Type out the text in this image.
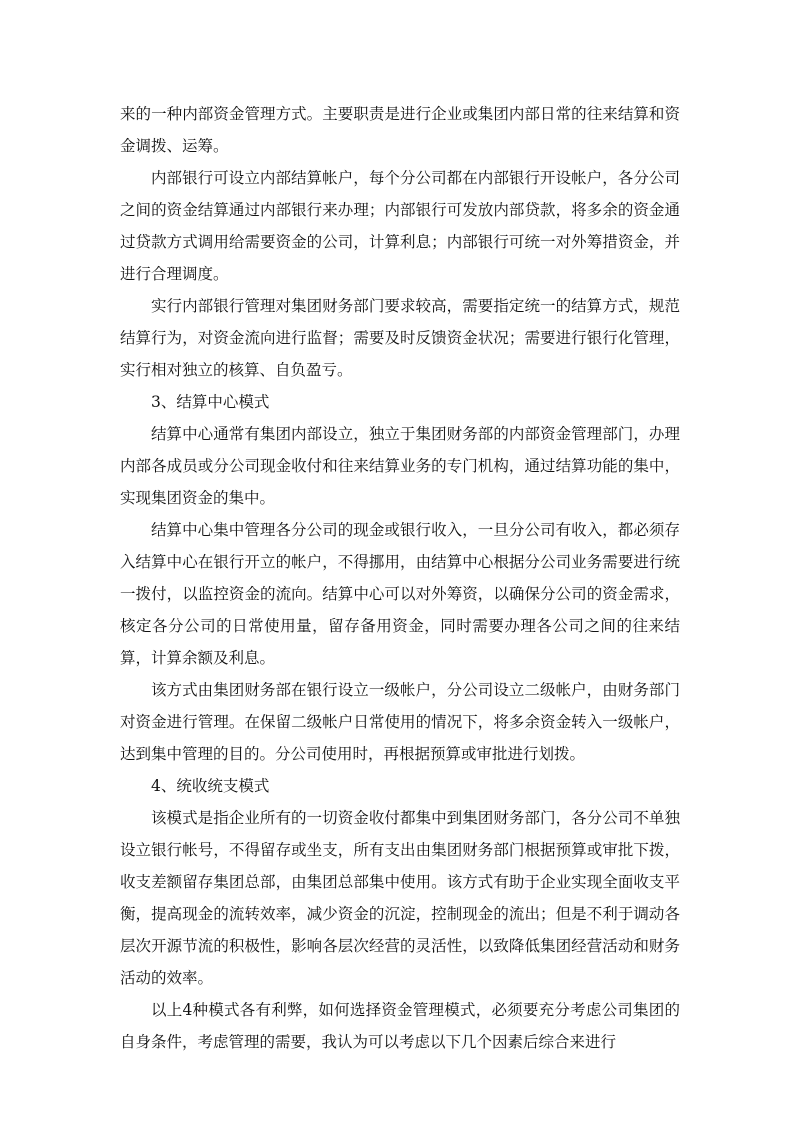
来的一种内部资金管理方式。主要职责是进行企业或集团内部日常的往来结算和资金调拨、运筹。

内部银行可设立内部结算帐户，每个分公司都在内部银行开设帐户，各分公司之间的资金结算通过内部银行来办理；内部银行可发放内部贷款，将多余的资金通过贷款方式调用给需要资金的公司，计算利息；内部银行可统一对外筹措资金，并进行合理调度。

实行内部银行管理对集团财务部门要求较高，需要指定统一的结算方式，规范结算行为，对资金流向进行监督；需要及时反馈资金状况；需要进行银行化管理，实行相对独立的核算、自负盈亏。

3、结算中心模式

结算中心通常有集团内部设立，独立于集团财务部的内部资金管理部门，办理内部各成员或分公司现金收付和往来结算业务的专门机构，通过结算功能的集中，实现集团资金的集中。

结算中心集中管理各分公司的现金或银行收入，一旦分公司有收入，都必须存入结算中心在银行开立的帐户，不得挪用，由结算中心根据分公司业务需要进行统一拨付，以监控资金的流向。结算中心可以对外筹资，以确保分公司的资金需求，核定各分公司的日常使用量，留存备用资金，同时需要办理各公司之间的往来结算，计算余额及利息。

该方式由集团财务部在银行设立一级帐户，分公司设立二级帐户，由财务部门对资金进行管理。在保留二级帐户日常使用的情况下，将多余资金转入一级帐户，达到集中管理的目的。分公司使用时，再根据预算或审批进行划拨。

4、统收统支模式

该模式是指企业所有的一切资金收付都集中到集团财务部门，各分公司不单独设立银行帐号，不得留存或坐支，所有支出由集团财务部门根据预算或审批下拨，收支差额留存集团总部，由集团总部集中使用。该方式有助于企业实现全面收支平衡，提高现金的流转效率，减少资金的沉淀，控制现金的流出；但是不利于调动各层次开源节流的积极性，影响各层次经营的灵活性，以致降低集团经营活动和财务活动的效率。

以上4种模式各有利弊，如何选择资金管理模式，必须要充分考虑公司集团的自身条件，考虑管理的需要，我认为可以考虑以下几个因素后综合来进行
